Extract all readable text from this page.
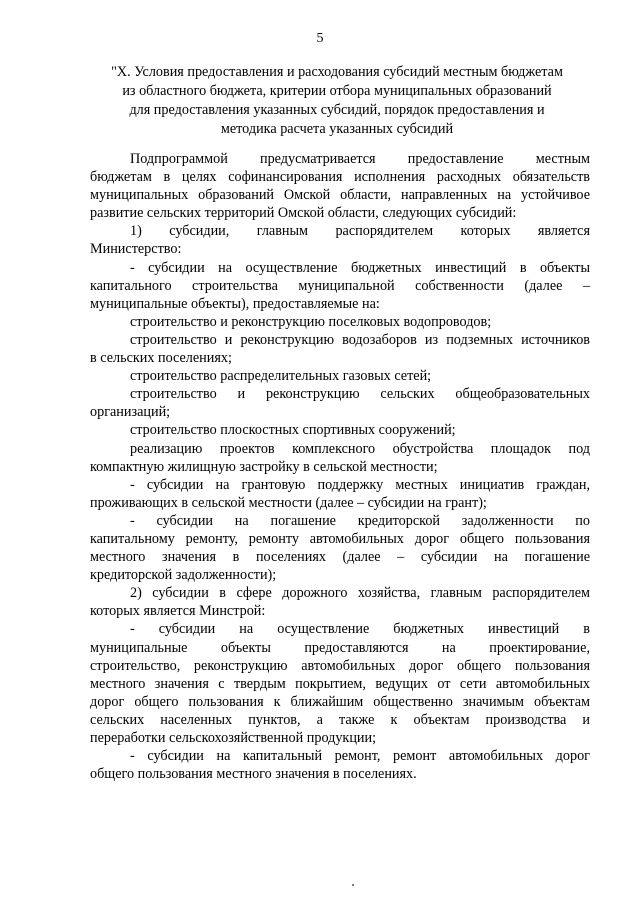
5
"X. Условия предоставления и расходования субсидий местным бюджетам
из областного бюджета, критерии отбора муниципальных образований
для предоставления указанных субсидий, порядок предоставления и
методика расчета указанных субсидий
Подпрограммой предусматривается предоставление местным
бюджетам в целях софинансирования исполнения расходных обязательств
муниципальных образований Омской области, направленных на устойчивое
развитие сельских территорий Омской области, следующих субсидий:
1) субсидии, главным распорядителем которых является
Министерство:
- субсидии на осуществление бюджетных инвестиций в объекты
капитального строительства муниципальной собственности (далее –
муниципальные объекты), предоставляемые на:
строительство и реконструкцию поселковых водопроводов;
строительство и реконструкцию водозаборов из подземных источников
в сельских поселениях;
строительство распределительных газовых сетей;
строительство и реконструкцию сельских общеобразовательных
организаций;
строительство плоскостных спортивных сооружений;
реализацию проектов комплексного обустройства площадок под
компактную жилищную застройку в сельской местности;
- субсидии на грантовую поддержку местных инициатив граждан,
проживающих в сельской местности (далее – субсидии на грант);
- субсидии на погашение кредиторской задолженности по
капитальному ремонту, ремонту автомобильных дорог общего пользования
местного значения в поселениях (далее – субсидии на погашение
кредиторской задолженности);
2) субсидии в сфере дорожного хозяйства, главным распорядителем
которых является Минстрой:
- субсидии на осуществление бюджетных инвестиций в
муниципальные объекты предоставляются на проектирование,
строительство, реконструкцию автомобильных дорог общего пользования
местного значения с твердым покрытием, ведущих от сети автомобильных
дорог общего пользования к ближайшим общественно значимым объектам
сельских населенных пунктов, а также к объектам производства и
переработки сельскохозяйственной продукции;
- субсидии на капитальный ремонт, ремонт автомобильных дорог
общего пользования местного значения в поселениях.
